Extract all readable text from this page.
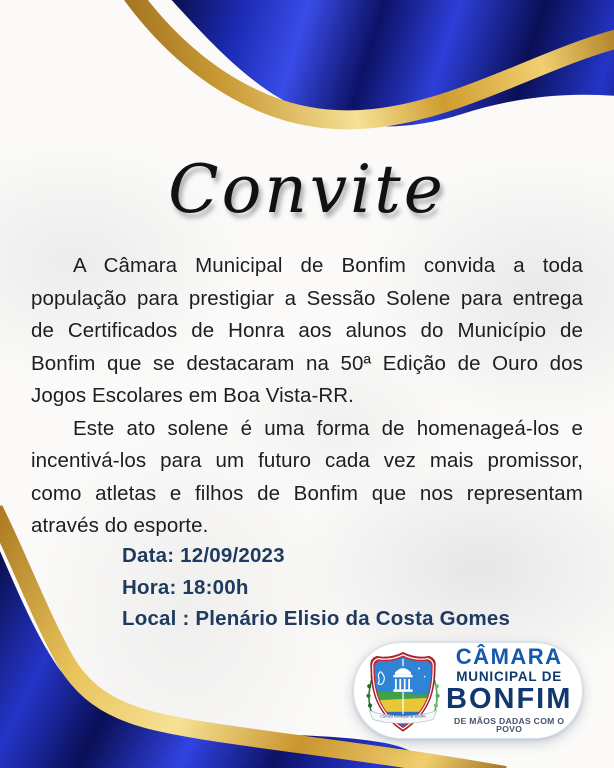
Convite
A Câmara Municipal de Bonfim convida a toda
população para prestigiar a Sessão Solene para entrega
de Certificados de Honra aos alunos do Município de
Bonfim que se destacaram na 50ª Edição de Ouro dos
Jogos Escolares em Boa Vista-RR.
Este ato solene é uma forma de homenageá-los e
incentivá-los para um futuro cada vez mais promissor,
como atletas e filhos de Bonfim que nos representam
através do esporte.
Data: 12/09/2023
Hora: 18:00h
Local : Plenário Elisio da Costa Gomes
Câmara Municipal de Bonfim
CÂMARA
MUNICIPAL DE
BONFIM
DE MÃOS DADAS COM O POVO
